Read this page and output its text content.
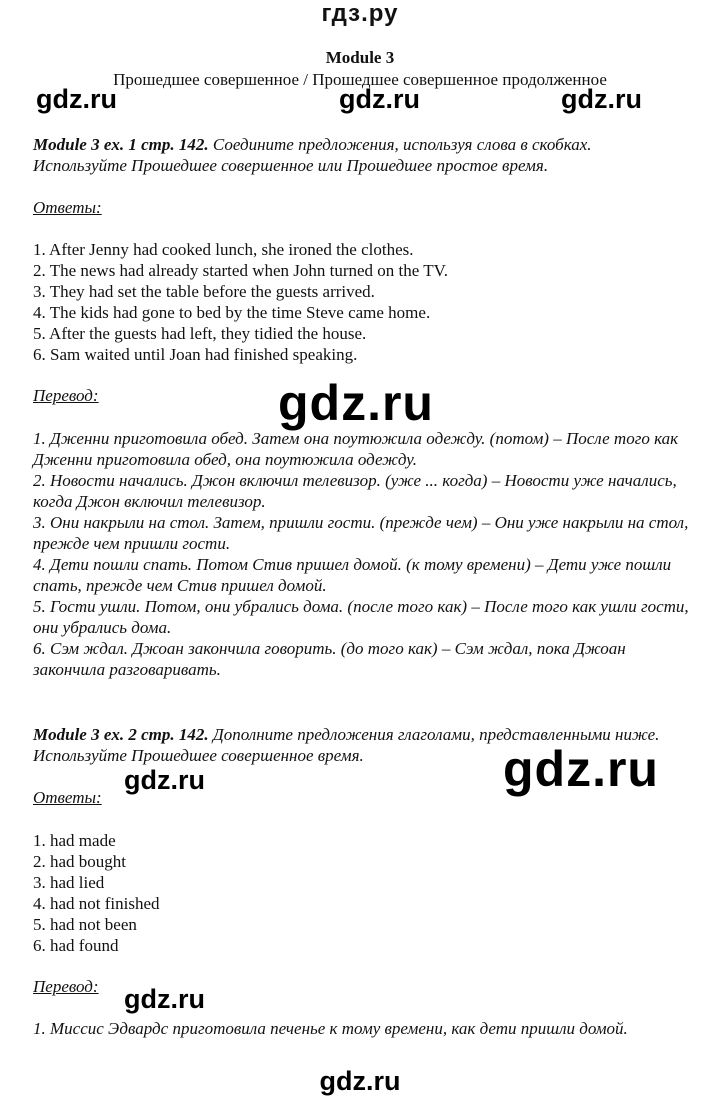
гдз.ру
Module 3
Прошедшее совершенное / Прошедшее совершенное продолженное
gdz.ru	gdz.ru	gdz.ru
Module 3 ex. 1 стр. 142. Соедините предложения, используя слова в скобках.
Используйте Прошедшее совершенное или Прошедшее простое время.
Ответы:
1. After Jenny had cooked lunch, she ironed the clothes.
2. The news had already started when John turned on the TV.
3. They had set the table before the guests arrived.
4. The kids had gone to bed by the time Steve came home.
5. After the guests had left, they tidied the house.
6. Sam waited until Joan had finished speaking.
Перевод:	gdz.ru
1. Дженни приготовила обед. Затем она поутюжила одежду. (потом) – После того как Дженни приготовила обед, она поутюжила одежду.
2. Новости начались. Джон включил телевизор. (уже ... когда) – Новости уже начались, когда Джон включил телевизор.
3. Они накрыли на стол. Затем, пришли гости. (прежде чем) – Они уже накрыли на стол, прежде чем пришли гости.
4. Дети пошли спать. Потом Стив пришел домой. (к тому времени) – Дети уже пошли спать, прежде чем Стив пришел домой.
5. Гости ушли. Потом, они убрались дома. (после того как) – После того как ушли гости, они убрались дома.
6. Сэм ждал. Джоан закончила говорить. (до того как) – Сэм ждал, пока Джоан закончила разговаривать.
Module 3 ex. 2 стр. 142. Дополните предложения глаголами, представленными ниже.
Используйте Прошедшее совершенное время.	gdz.ru
Ответы:
gdz.ru
1. had made
2. had bought
3. had lied
4. had not finished
5. had not been
6. had found
Перевод: gdz.ru
1. Миссис Эдвардс приготовила печенье к тому времени, как дети пришли домой.
gdz.ru
